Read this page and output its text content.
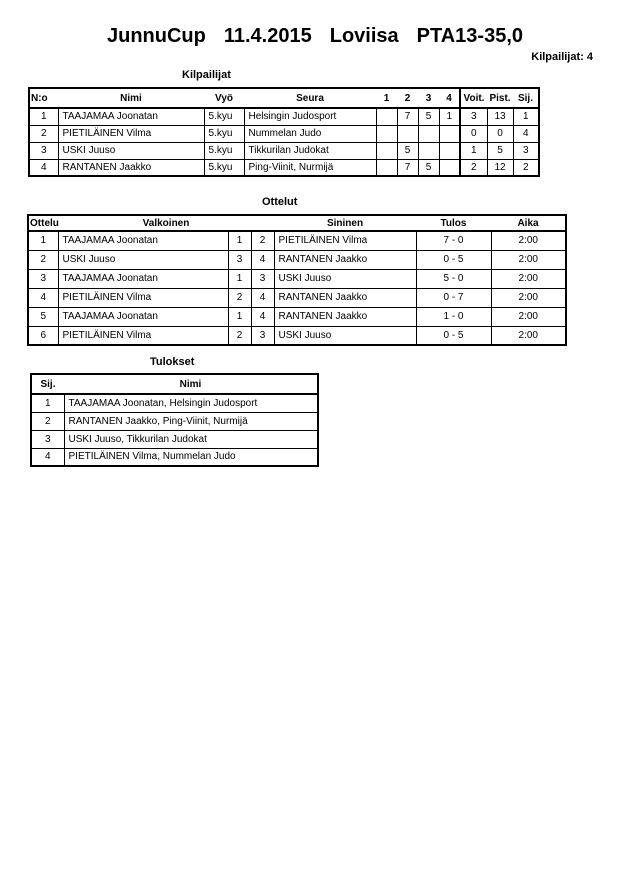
JunnuCup 11.4.2015 Loviisa PTA13-35,0
Kilpailijat: 4
Kilpailijat
N:o	Nimi	Vyö	Seura	1	2	3	4	Voit.	Pist.	Sij.
1	TAAJAMAA Joonatan	5.kyu	Helsingin Judosport		7	5	1	3	13	1
2	PIETILÄINEN Vilma	5.kyu	Nummelan Judo					0	0	4
3	USKI Juuso	5.kyu	Tikkurilan Judokat		5			1	5	3
4	RANTANEN Jaakko	5.kyu	Ping-Viinit, Nurmijä		7	5		2	12	2
Ottelut
Ottelu	Valkoinen			Sininen	Tulos	Aika
1	TAAJAMAA Joonatan	1	2	PIETILÄINEN Vilma	7 - 0	2:00
2	USKI Juuso	3	4	RANTANEN Jaakko	0 - 5	2:00
3	TAAJAMAA Joonatan	1	3	USKI Juuso	5 - 0	2:00
4	PIETILÄINEN Vilma	2	4	RANTANEN Jaakko	0 - 7	2:00
5	TAAJAMAA Joonatan	1	4	RANTANEN Jaakko	1 - 0	2:00
6	PIETILÄINEN Vilma	2	3	USKI Juuso	0 - 5	2:00
Tulokset
Sij.	Nimi
1	TAAJAMAA Joonatan, Helsingin Judosport
2	RANTANEN Jaakko, Ping-Viinit, Nurmijä
3	USKI Juuso, Tikkurilan Judokat
4	PIETILÄINEN Vilma, Nummelan Judo
